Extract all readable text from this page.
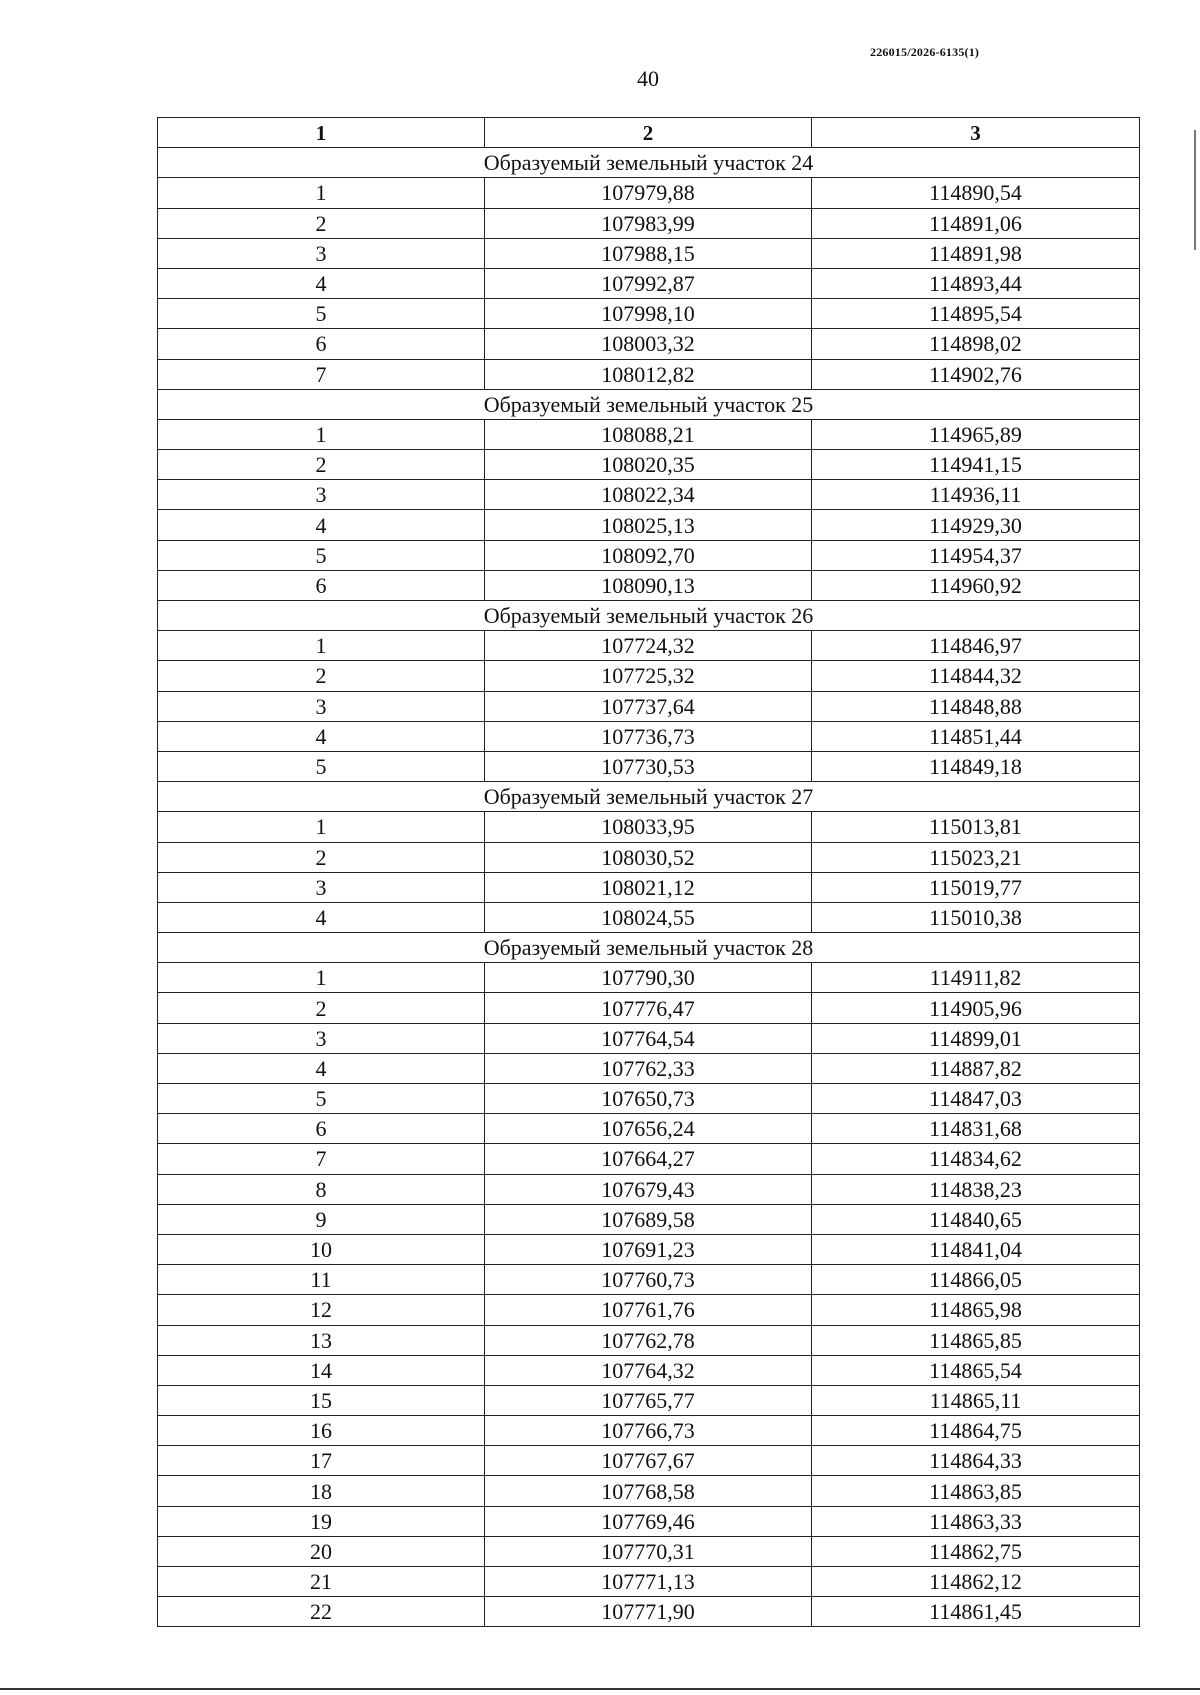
226015/2026-6135(1)
40
1	2	3
Образуемый земельный участок 24		
1	107979,88	114890,54
2	107983,99	114891,06
3	107988,15	114891,98
4	107992,87	114893,44
5	107998,10	114895,54
6	108003,32	114898,02
7	108012,82	114902,76
Образуемый земельный участок 25		
1	108088,21	114965,89
2	108020,35	114941,15
3	108022,34	114936,11
4	108025,13	114929,30
5	108092,70	114954,37
6	108090,13	114960,92
Образуемый земельный участок 26		
1	107724,32	114846,97
2	107725,32	114844,32
3	107737,64	114848,88
4	107736,73	114851,44
5	107730,53	114849,18
Образуемый земельный участок 27		
1	108033,95	115013,81
2	108030,52	115023,21
3	108021,12	115019,77
4	108024,55	115010,38
Образуемый земельный участок 28		
1	107790,30	114911,82
2	107776,47	114905,96
3	107764,54	114899,01
4	107762,33	114887,82
5	107650,73	114847,03
6	107656,24	114831,68
7	107664,27	114834,62
8	107679,43	114838,23
9	107689,58	114840,65
10	107691,23	114841,04
11	107760,73	114866,05
12	107761,76	114865,98
13	107762,78	114865,85
14	107764,32	114865,54
15	107765,77	114865,11
16	107766,73	114864,75
17	107767,67	114864,33
18	107768,58	114863,85
19	107769,46	114863,33
20	107770,31	114862,75
21	107771,13	114862,12
22	107771,90	114861,45
